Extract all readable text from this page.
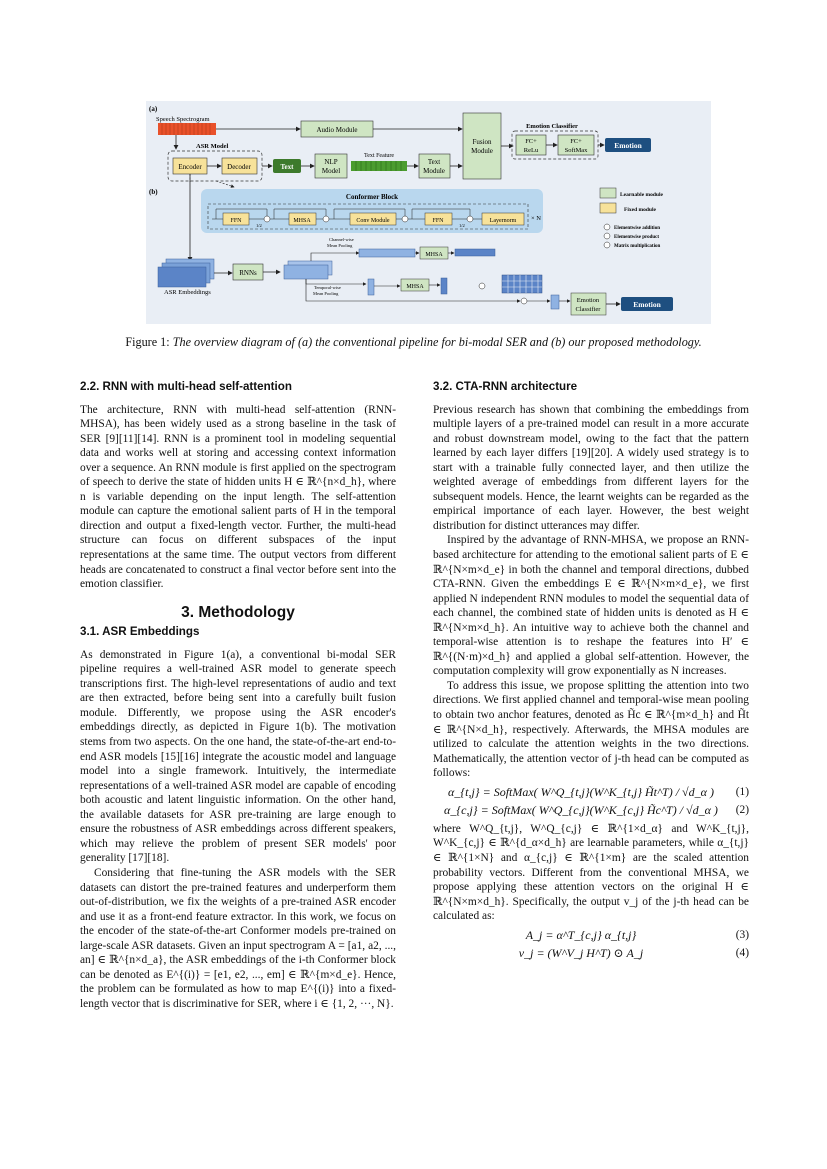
(a)
(b)
Speech Spectrogram
Audio Module
ASR Model
Encoder	Decoder	Text
NLP
Model
Text Feature
Text
Module
Fusion
Module
Emotion Classifier
FC+
ReLu
FC+
SoftMax
Emotion
Conformer Block
FFN
1/2
MHSA	Conv Module	FFN
1/2
Layernorm × N
Learnable module
Fixed module
Elementwise addition
Elementwise product
Matrix multiplication
ASR Embeddings
RNNs
Channel-wise
Mean Pooling
MHSA
Temporal-wise
Mean Pooling
MHSA
Emotion
Classifier
Emotion
Figure 1: The overview diagram of (a) the conventional pipeline for bi-modal SER and (b) our proposed methodology.
2.2. RNN with multi-head self-attention

The architecture, RNN with multi-head self-attention (RNN-MHSA), has been widely used as a strong baseline in the task of SER [9][11][14]. RNN is a prominent tool in modeling sequential data and works well at storing and accessing context information over a sequence. An RNN module is first applied on the spectrogram of speech to derive the state of hidden units H ∈ ℝ^{n×d_h}, where n is variable depending on the input length. The self-attention module can capture the emotional salient parts of H in the temporal direction and output a fixed-length vector. Further, the multi-head structure can focus on different subspaces of the input representations at the same time. The output vectors from different heads are concatenated to construct a final vector before sent into the emotion classifier.

3. Methodology
3.1. ASR Embeddings

As demonstrated in Figure 1(a), a conventional bi-modal SER pipeline requires a well-trained ASR model to generate speech transcriptions first. The high-level representations of audio and text are then extracted, before being sent into a carefully built fusion module. Differently, we propose using the ASR encoder's embeddings directly, as depicted in Figure 1(b). The motivation stems from two aspects. On the one hand, the state-of-the-art end-to-end ASR models [15][16] integrate the acoustic model and language model into a single framework. Intuitively, the intermediate representations of a well-trained ASR model are capable of encoding both acoustic and latent linguistic information. On the other hand, the available datasets for ASR pre-training are large enough to ensure the robustness of ASR embeddings across different speakers, which may relieve the problem of present SER models' poor generality [17][18].

Considering that fine-tuning the ASR models with the SER datasets can distort the pre-trained features and underperform them out-of-distribution, we fix the weights of a pre-trained ASR encoder and use it as a front-end feature extractor. In this work, we focus on the encoder of the state-of-the-art Conformer models pre-trained on large-scale ASR datasets. Given an input spectrogram A = [a1, a2, ..., an] ∈ ℝ^{n×d_a}, the ASR embeddings of the i-th Conformer block can be denoted as E^{(i)} = [e1, e2, ..., em] ∈ ℝ^{m×d_e}. Hence, the problem can be formulated as how to map E^{(i)} into a fixed-length vector that is discriminative for SER, where i ∈ {1, 2, ···, N}.

3.2. CTA-RNN architecture

Previous research has shown that combining the embeddings from multiple layers of a pre-trained model can result in a more accurate and robust downstream model, owing to the fact that the pattern learned by each layer differs [19][20]. A widely used strategy is to start with a trainable fully connected layer, and then utilize the weighted average of embeddings from different layers for the subsequent models. Hence, the learnt weights can be regarded as the empirical importance of each layer. However, the best weight distribution for distinct utterances may differ.

Inspired by the advantage of RNN-MHSA, we propose an RNN-based architecture for attending to the emotional salient parts of E ∈ ℝ^{N×m×d_e} in both the channel and temporal directions, dubbed CTA-RNN. Given the embeddings E ∈ ℝ^{N×m×d_e}, we first applied N independent RNN modules to model the sequential data of each channel, the combined state of hidden units is denoted as H ∈ ℝ^{N×m×d_h}. An intuitive way to achieve both the channel and temporal-wise attention is to reshape the features into H′ ∈ ℝ^{(N·m)×d_h} and applied a global self-attention. However, the computation complexity will grow exponentially as N increases.

To address this issue, we propose splitting the attention into two directions. We first applied channel and temporal-wise mean pooling to obtain two anchor features, denoted as H̃c ∈ ℝ^{m×d_h} and H̃t ∈ ℝ^{N×d_h}, respectively. Afterwards, the MHSA modules are utilized to calculate the attention weights in the two directions. Mathematically, the attention vector of j-th head can be computed as follows:

α_{t,j} = SoftMax( W^Q_{t,j}(W^K_{t,j} H̃t^T) / √d_α )	(1)
α_{c,j} = SoftMax( W^Q_{c,j}(W^K_{c,j} H̃c^T) / √d_α )	(2)

where W^Q_{t,j}, W^Q_{c,j} ∈ ℝ^{1×d_α} and W^K_{t,j}, W^K_{c,j} ∈ ℝ^{d_α×d_h} are learnable parameters, while α_{t,j} ∈ ℝ^{1×N} and α_{c,j} ∈ ℝ^{1×m} are the scaled attention probability vectors. Different from the conventional MHSA, we propose applying these attention vectors on the original H ∈ ℝ^{N×m×d_h}. Specifically, the output v_j of the j-th head can be calculated as:

A_j = α^T_{c,j} α_{t,j}	(3)
v_j = (W^V_j H^T) ⊙ A_j	(4)
